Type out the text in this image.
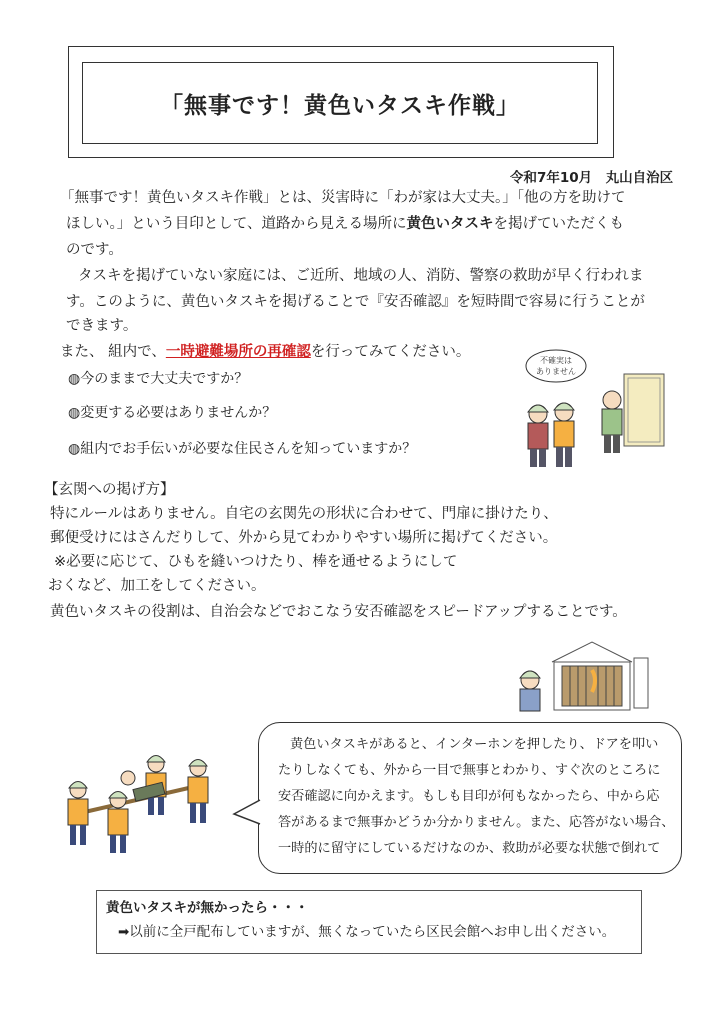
「無事です！黄色いタスキ作戦」
令和7年10月　丸山自治区
「無事です！黄色いタスキ作戦」とは、災害時に「わが家は大丈夫。」「他の方を助けて
ほしい。」という目印として、道路から見える場所に黄色いタスキを掲げていただくも
のです。
タスキを掲げていない家庭には、ご近所、地域の人、消防、警察の救助が早く行われま
す。このように、黄色いタスキを掲げることで『安否確認』を短時間で容易に行うことが
できます。
また、 組内で、一時避難場所の再確認を行ってみてください。
◍今のままで大丈夫ですか？
◍変更する必要はありませんか？
◍組内でお手伝いが必要な住民さんを知っていますか？
不確実は
ありません
【玄関への掲げ方】
特にルールはありません。自宅の玄関先の形状に合わせて、門扉に掛けたり、
郵便受けにはさんだりして、外から見てわかりやすい場所に掲げてください。
※必要に応じて、ひもを縫いつけたり、棒を通せるようにして
おくなど、加工をしてください。
黄色いタスキの役割は、自治会などでおこなう安否確認をスピードアップすることです。
黄色いタスキがあると、インターホンを押したり、ドアを叩い
たりしなくても、外から一目で無事とわかり、すぐ次のところに
安否確認に向かえます。もしも目印が何もなかったら、中から応
答があるまで無事かどうか分かりません。また、応答がない場合、
一時的に留守にしているだけなのか、救助が必要な状態で倒れて
黄色いタスキが無かったら・・・
➡以前に全戸配布していますが、無くなっていたら区民会館へお申し出ください。
